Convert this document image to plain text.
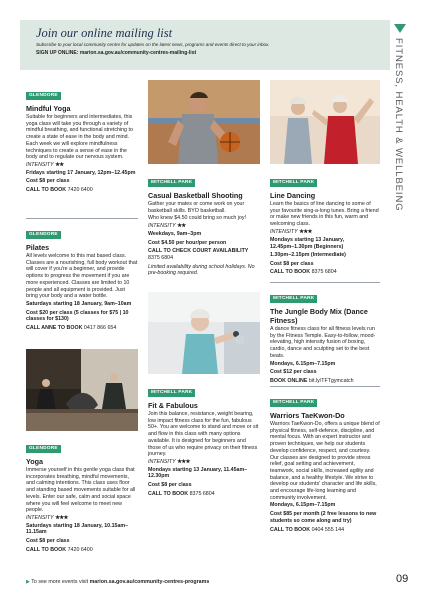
Join our online mailing list
Subscribe to your local community centre for updates on the latest news, programs and events direct to your inbox.
SIGN UP ONLINE: marion.sa.gov.au/community-centres-mailing-list	FITNESS, HEALTH & WELLBEING
GLENDORE
Mindful Yoga
Suitable for beginners and intermediates, this yoga class will take you through a variety of mindful breathing, and functional stretching to create a state of ease in the body and mind. Each week we will explore mindfulness techniques to create a sense of ease in the body and to regulate our nervous system.
INTENSITY ★★
Fridays starting 17 January, 12pm–12.45pm
Cost $8 per class
CALL TO BOOK 7420 6400
GLENDORE
Pilates
All levels welcome to this mat based class. Classes are a nourishing, full body workout that will cover if you're a beginner, and provide options to progress the movement if you are more experienced. Classes are limited to 10 people and all equipment is provided. Just bring your body and a water bottle.
Saturdays starting 18 January, 9am–10am
Cost $20 per class (5 classes for $75 | 10 classes for $130)
CALL ANNE TO BOOK 0417 866 654
GLENDORE
Yoga
Immerse yourself in this gentle yoga class that incorporates breathing, mindful movements, and calming intentions. This class uses floor and standing based movements suitable for all levels. Enter our safe, calm and social space where you will feel welcome to meet new people.
INTENSITY ★★★
Saturdays starting 18 January, 10.15am–11.15am
Cost $8 per class
CALL TO BOOK 7420 6400
MITCHELL PARK
Casual Basketball Shooting
Gather your mates or come work on your basketball skills. BYO basketball.
Who knew $4.50 could bring so much joy!
INTENSITY ★★
Weekdays, 9am–3pm
Cost $4.50 per hour/per person
CALL TO CHECK COURT AVAILABILITY
8375 6804
Limited availability during school holidays. No pre-booking required.
MITCHELL PARK
Fit & Fabulous
Join this balance, resistance, weight bearing, low impact fitness class for the fun, fabulous 50+. You are welcome to stand and move or sit and flow in this class with many options available. It is designed for beginners and those of us who require privacy on their fitness journey.
INTENSITY ★★★
Mondays starting 13 January, 11.45am–12.30pm
Cost $8 per class
CALL TO BOOK 8375 6804
MITCHELL PARK
Line Dancing
Learn the basics of line dancing to some of your favourite sing-a-long tunes. Bring a friend or make new friends in this fun, warm and welcoming class.
INTENSITY ★★★
Mondays starting 13 January,
12.45pm–1.30pm (Beginners)
1.30pm–2.15pm (Intermediate)
Cost $8 per class
CALL TO BOOK 8375 6804
MITCHELL PARK
The Jungle Body Mix (Dance Fitness)
A dance fitness class for all fitness levels run by the Fitness Temple. Easy-to-follow, mood-elevating, high intensity fusion of boxing, cardio, dance and sculpting set to the best beats.
Mondays, 6.15pm–7.15pm
Cost $12 per class
BOOK ONLINE bit.ly/TFTgymcatch
MITCHELL PARK
Warriors TaeKwon-Do
Warriors TaeKwon-Do, offers a unique blend of physical fitness, self-defence, discipline, and mental focus. With an expert instructor and proven techniques, we help our students develop confidence, respect, and courtesy. Our classes are designed to provide stress relief, goal setting and achievement, teamwork, social skills, increased agility and balance, and a healthy lifestyle. We strive to develop our students' character and life skills, and encourage life-long learning and community involvement.
Mondays, 6.15pm–7.15pm
Cost $85 per month (2 free lessons to new students so come along and try)
CALL TO BOOK 0404 555 144
▶ To see more events visit marion.sa.gov.au/community-centres-programs	09
